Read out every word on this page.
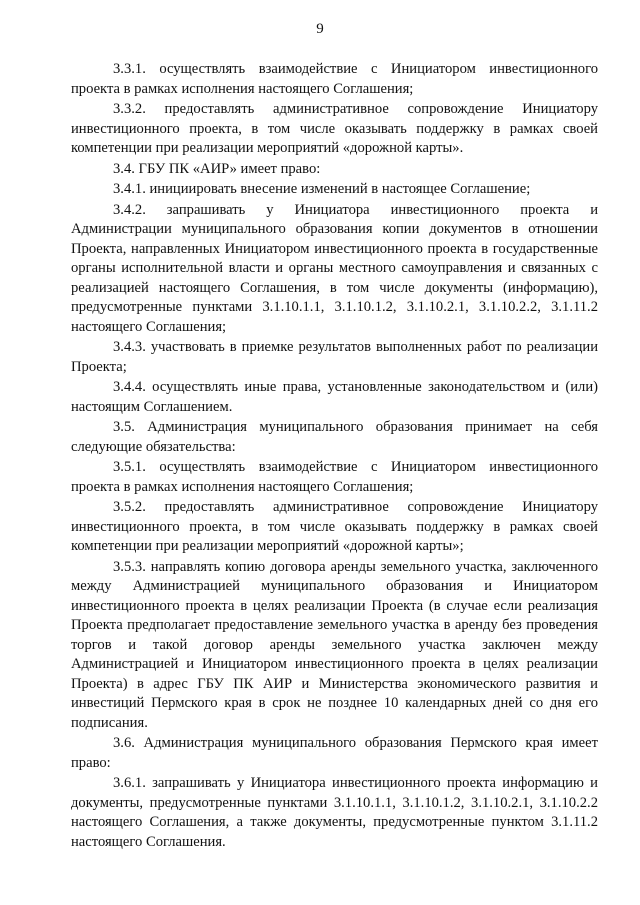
9

3.3.1. осуществлять взаимодействие с Инициатором инвестиционного проекта в рамках исполнения настоящего Соглашения;

3.3.2. предоставлять административное сопровождение Инициатору инвестиционного проекта, в том числе оказывать поддержку в рамках своей компетенции при реализации мероприятий «дорожной карты».

3.4. ГБУ ПК «АИР» имеет право:

3.4.1. инициировать внесение изменений в настоящее Соглашение;

3.4.2. запрашивать у Инициатора инвестиционного проекта и Администрации муниципального образования копии документов в отношении Проекта, направленных Инициатором инвестиционного проекта в государственные органы исполнительной власти и органы местного самоуправления и связанных с реализацией настоящего Соглашения, в том числе документы (информацию), предусмотренные пунктами 3.1.10.1.1, 3.1.10.1.2, 3.1.10.2.1, 3.1.10.2.2, 3.1.11.2 настоящего Соглашения;

3.4.3. участвовать в приемке результатов выполненных работ по реализации Проекта;

3.4.4. осуществлять иные права, установленные законодательством и (или) настоящим Соглашением.

3.5. Администрация муниципального образования принимает на себя следующие обязательства:

3.5.1. осуществлять взаимодействие с Инициатором инвестиционного проекта в рамках исполнения настоящего Соглашения;

3.5.2. предоставлять административное сопровождение Инициатору инвестиционного проекта, в том числе оказывать поддержку в рамках своей компетенции при реализации мероприятий «дорожной карты»;

3.5.3. направлять копию договора аренды земельного участка, заключенного между Администрацией муниципального образования и Инициатором инвестиционного проекта в целях реализации Проекта (в случае если реализация Проекта предполагает предоставление земельного участка в аренду без проведения торгов и такой договор аренды земельного участка заключен между Администрацией и Инициатором инвестиционного проекта в целях реализации Проекта) в адрес ГБУ ПК АИР и Министерства экономического развития и инвестиций Пермского края в срок не позднее 10 календарных дней со дня его подписания.

3.6. Администрация муниципального образования Пермского края имеет право:

3.6.1. запрашивать у Инициатора инвестиционного проекта информацию и документы, предусмотренные пунктами 3.1.10.1.1, 3.1.10.1.2, 3.1.10.2.1, 3.1.10.2.2 настоящего Соглашения, а также документы, предусмотренные пунктом 3.1.11.2 настоящего Соглашения.
